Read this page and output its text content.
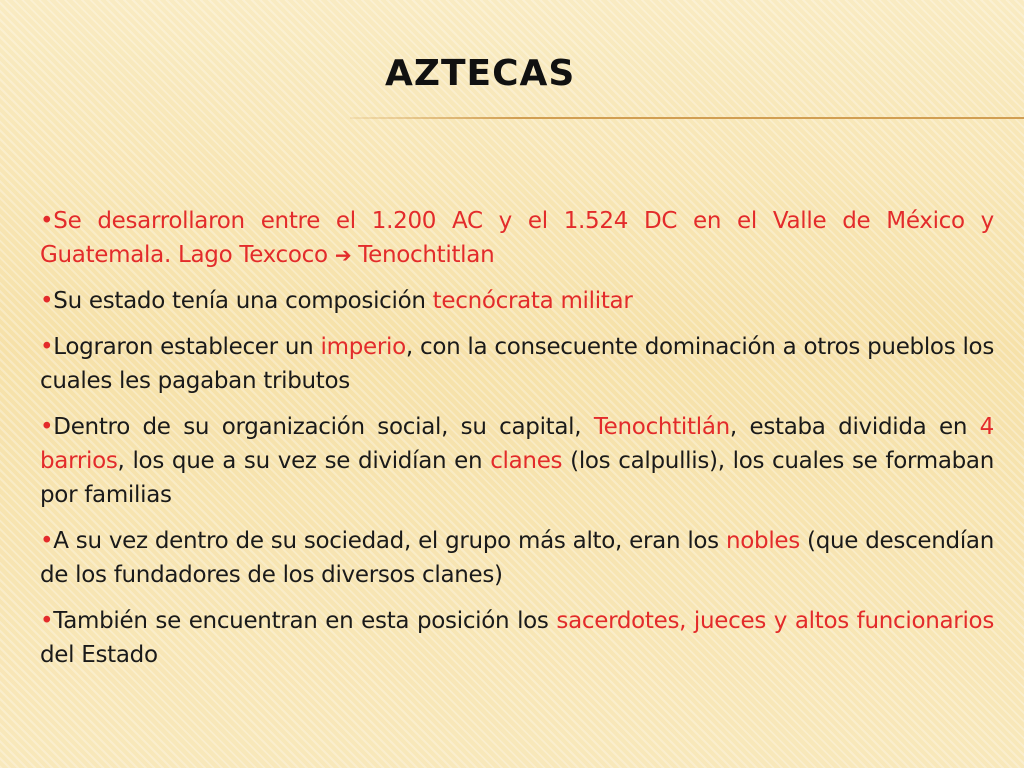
AZTECAS

•Se desarrollaron entre el 1.200 AC y el 1.524 DC en el Valle de México y Guatemala. Lago Texcoco ➔ Tenochtitlan

•Su estado tenía una composición tecnócrata militar

•Lograron establecer un imperio, con la consecuente dominación a otros pueblos los cuales les pagaban tributos

•Dentro de su organización social, su capital, Tenochtitlán, estaba dividida en 4 barrios, los que a su vez se dividían en clanes (los calpullis), los cuales se formaban por familias

•A su vez dentro de su sociedad, el grupo más alto, eran los nobles (que descendían de los fundadores de los diversos clanes)

•También se encuentran en esta posición los sacerdotes, jueces y altos funcionarios del Estado
